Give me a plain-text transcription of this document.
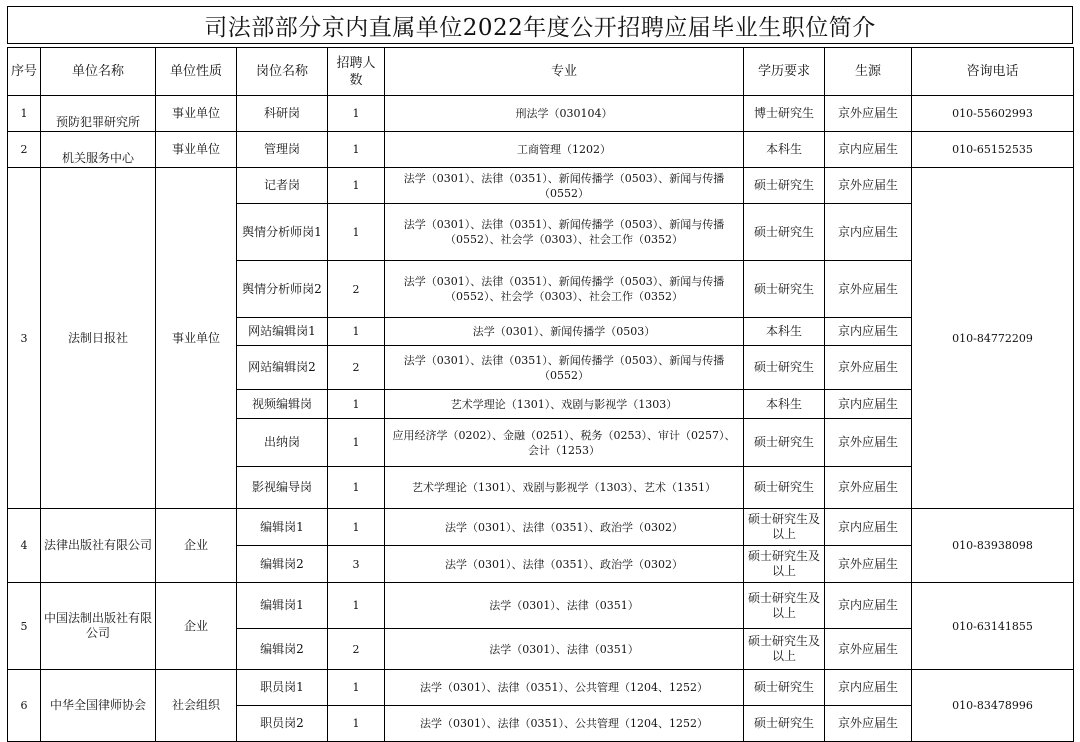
司法部部分京内直属单位2022年度公开招聘应届毕业生职位简介
序号	单位名称	单位性质	岗位名称	招聘人数	专业	学历要求	生源	咨询电话
1	预防犯罪研究所	事业单位	科研岗	1	刑法学（030104）	博士研究生	京外应届生	010-55602993
2	机关服务中心	事业单位	管理岗	1	工商管理（1202）	本科生	京内应届生	010-65152535
3	法制日报社	事业单位	记者岗	1	法学（0301）、法律（0351）、新闻传播学（0503）、新闻与传播（0552）	硕士研究生	京外应届生	010-84772209
			舆情分析师岗1	1	法学（0301）、法律（0351）、新闻传播学（0503）、新闻与传播（0552）、社会学（0303）、社会工作（0352）	硕士研究生	京内应届生	
			舆情分析师岗2	2	法学（0301）、法律（0351）、新闻传播学（0503）、新闻与传播（0552）、社会学（0303）、社会工作（0352）	硕士研究生	京外应届生	
			网站编辑岗1	1	法学（0301）、新闻传播学（0503）	本科生	京内应届生	
			网站编辑岗2	2	法学（0301）、法律（0351）、新闻传播学（0503）、新闻与传播（0552）	硕士研究生	京外应届生	
			视频编辑岗	1	艺术学理论（1301）、戏剧与影视学（1303）	本科生	京内应届生	
			出纳岗	1	应用经济学（0202）、金融（0251）、税务（0253）、审计（0257）、会计（1253）	硕士研究生	京外应届生	
			影视编导岗	1	艺术学理论（1301）、戏剧与影视学（1303）、艺术（1351）	硕士研究生	京外应届生	
4	法律出版社有限公司	企业	编辑岗1	1	法学（0301）、法律（0351）、政治学（0302）	硕士研究生及以上	京内应届生	010-83938098
			编辑岗2	3	法学（0301）、法律（0351）、政治学（0302）	硕士研究生及以上	京外应届生	
5	中国法制出版社有限公司	企业	编辑岗1	1	法学（0301）、法律（0351）	硕士研究生及以上	京内应届生	010-63141855
			编辑岗2	2	法学（0301）、法律（0351）	硕士研究生及以上	京外应届生	
6	中华全国律师协会	社会组织	职员岗1	1	法学（0301）、法律（0351）、公共管理（1204、1252）	硕士研究生	京内应届生	010-83478996
			职员岗2	1	法学（0301）、法律（0351）、公共管理（1204、1252）	硕士研究生	京外应届生	
